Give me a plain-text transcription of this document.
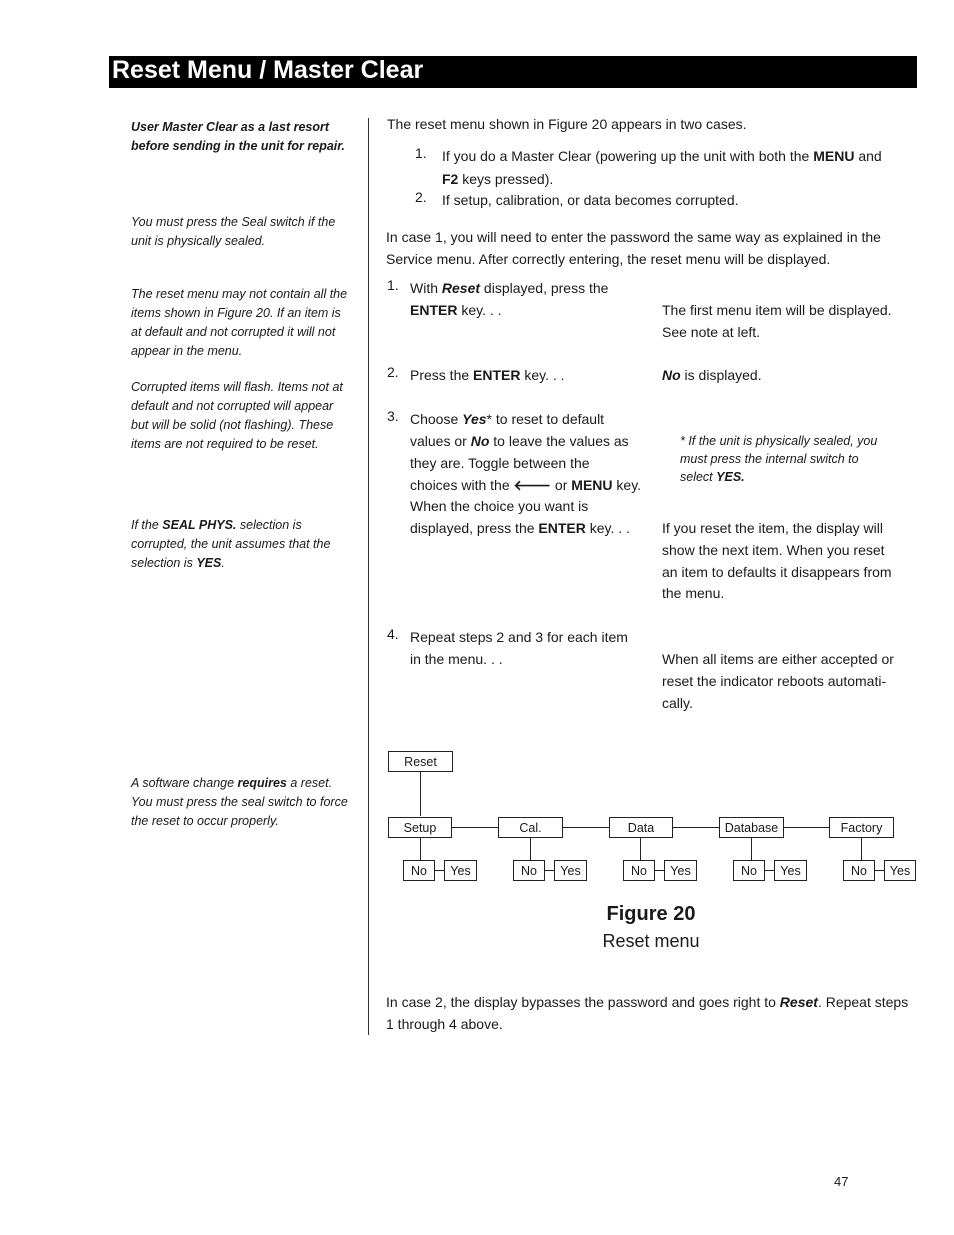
Reset Menu / Master Clear
User Master Clear as a last resort before sending in the unit for repair.
You must press the Seal switch if the unit is physically sealed.
The reset menu may not contain all the items shown in Figure 20. If an item is at default and not corrupted it will not appear in the menu.
Corrupted items will flash. Items not at default and not corrupted will appear but will be solid (not flashing). These items are not required to be reset.
If the SEAL PHYS. selection is corrupted, the unit assumes that the selection is YES.
A software change requires a reset. You must press the seal switch to force the reset to occur properly.
The reset menu shown in Figure 20 appears in two cases.
1. If you do a Master Clear (powering up the unit with both the MENU and
F2 keys pressed).
2. If setup, calibration, or data becomes corrupted.
In case 1, you will need to enter the password the same way as explained in the
Service menu. After correctly entering, the reset menu will be displayed.
1. With Reset displayed, press the
ENTER key. . .	The first menu item will be displayed.
See note at left.
2. Press the ENTER key. . .	No is displayed.
3. Choose Yes* to reset to default
values or No to leave the values as
they are. Toggle between the
choices with the 🡐 or MENU key.
When the choice you want is
displayed, press the ENTER key. . .
* If the unit is physically sealed, you
must press the internal switch to
select YES.
If you reset the item, the display will
show the next item. When you reset
an item to defaults it disappears from
the menu.
4. Repeat steps 2 and 3 for each item
in the menu. . .	When all items are either accepted or
reset the indicator reboots automati-
cally.
Reset
Setup
No	Yes
Cal.
No	Yes
Data
No	Yes
Database
No	Yes
Factory
No	Yes
Figure 20
Reset menu
In case 2, the display bypasses the password and goes right to Reset. Repeat steps
1 through 4 above.
47
